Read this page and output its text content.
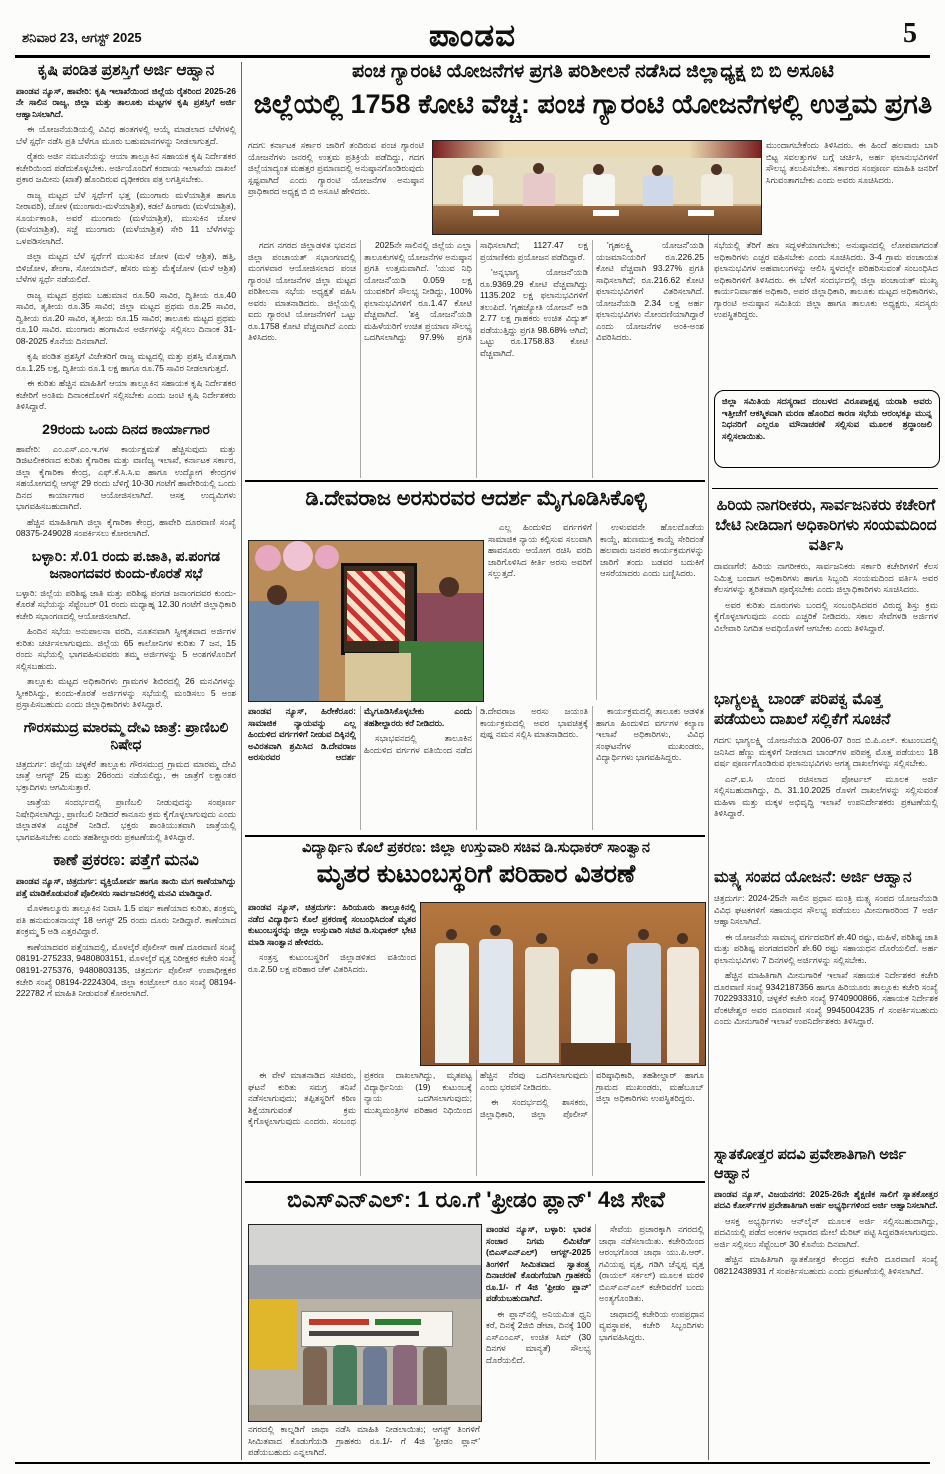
ಶನಿವಾರ 23, ಆಗಸ್ಟ್ 2025	ಪಾಂಡವ	5
ಕೃಷಿ ಪಂಡಿತ ಪ್ರಶಸ್ತಿಗೆ ಅರ್ಜಿ ಆಹ್ವಾನ

ಪಾಂಡವ ನ್ಯೂಸ್, ಹಾವೇರಿ: ಕೃಷಿ ಇಲಾಖೆಯಿಂದ ಜಿಲ್ಲೆಯ ರೈತರಿಂದ 2025-26 ನೇ ಸಾಲಿನ ರಾಜ್ಯ, ಜಿಲ್ಲಾ ಮತ್ತು ತಾಲೂಕು ಮಟ್ಟಗಳ ಕೃಷಿ ಪ್ರಶಸ್ತಿಗೆ ಅರ್ಜಿ ಆಹ್ವಾನಿಸಲಾಗಿದೆ.

ಈ ಯೋಜನೆಯಡಿಯಲ್ಲಿ ವಿವಿಧ ಹಂತಗಳಲ್ಲಿ ಆಯ್ಕೆ ಮಾಡಲಾದ ಬೆಳೆಗಳಲ್ಲಿ ಬೆಳೆ ಸ್ಪರ್ಧೆ ನಡೆಸಿ ಪ್ರತಿ ಬೆಳೆಗೂ ಮೂರು ಬಹುಮಾನಗಳನ್ನು ನೀಡಲಾಗುತ್ತದೆ.

ರೈತರು ಅರ್ಜಿ ನಮೂನೆಯನ್ನು ಆಯಾ ತಾಲ್ಲೂಕಿನ ಸಹಾಯಕ ಕೃಷಿ ನಿರ್ದೇಶಕರ ಕಚೇರಿಯಿಂದ ಪಡೆದುಕೊಳ್ಳಬೇಕು. ಅರ್ಜಿಯೊಂದಿಗೆ ಕಂದಾಯ ಇಲಾಖೆಯ ದಾಖಲೆ ಪ್ರಕಾರ ಜಮೀನು (ಖಾತೆ) ಹೊಂದಿರುವ ದೃಢೀಕರಣ ಪತ್ರ ಲಗತ್ತಿಸಬೇಕು.

ರಾಜ್ಯ ಮಟ್ಟದ ಬೆಳೆ ಸ್ಪರ್ಧೆಗೆ ಭತ್ತ (ಮುಂಗಾರು ಮಳೆಯಾಶ್ರಿತ ಹಾಗೂ ನೀರಾವರಿ), ಜೋಳ (ಮುಂಗಾರು-ಮಳೆಯಾಶ್ರಿತ), ಕಡಲೆ ಹಿಂಗಾರು (ಮಳೆಯಾಶ್ರಿತ), ಸೂರ್ಯಕಾಂತಿ, ಅವರೆ ಮುಂಗಾರು (ಮಳೆಯಾಶ್ರಿತ), ಮುಸುಕಿನ ಜೋಳ (ಮಳೆಯಾಶ್ರಿತ), ಸಜ್ಜೆ ಮುಂಗಾರು (ಮಳೆಯಾಶ್ರಿತ) ಸೇರಿ 11 ಬೆಳೆಗಳನ್ನು ಒಳಪಡಿಸಲಾಗಿದೆ.

ಜಿಲ್ಲಾ ಮಟ್ಟದ ಬೆಳೆ ಸ್ಪರ್ಧೆಗೆ ಮುಸುಕಿನ ಜೋಳ (ಮಳೆ ಆಶ್ರಿತ), ಹತ್ತಿ, ಬಿಳಿಜೋಳ, ಶೇಂಗಾ, ಸೋಯಾಬಿನ್, ಹೆಸರು ಮತ್ತು ಮೆಕ್ಕೆಜೋಳ (ಮಳೆ ಆಶ್ರಿತ) ಬೆಳೆಗಳ ಸ್ಪರ್ಧೆ ನಡೆಯಲಿದೆ.

ರಾಜ್ಯ ಮಟ್ಟದ ಪ್ರಥಮ ಬಹುಮಾನ ರೂ.50 ಸಾವಿರ, ದ್ವಿತೀಯ ರೂ.40 ಸಾವಿರ, ತೃತೀಯ ರೂ.35 ಸಾವಿರ; ಜಿಲ್ಲಾ ಮಟ್ಟದ ಪ್ರಥಮ ರೂ.25 ಸಾವಿರ, ದ್ವಿತೀಯ ರೂ.20 ಸಾವಿರ, ತೃತೀಯ ರೂ.15 ಸಾವಿರ; ತಾಲೂಕು ಮಟ್ಟದ ಪ್ರಥಮ ರೂ.10 ಸಾವಿರ. ಮುಂಗಾರು ಹಂಗಾಮಿನ ಅರ್ಜಿಗಳನ್ನು ಸಲ್ಲಿಸಲು ದಿನಾಂಕ 31-08-2025 ಕೊನೆಯ ದಿನವಾಗಿದೆ.

ಕೃಷಿ ಪಂಡಿತ ಪ್ರಶಸ್ತಿಗೆ ವಿಜೇತರಿಗೆ ರಾಜ್ಯ ಮಟ್ಟದಲ್ಲಿ ಮತ್ತು ಪ್ರಶಸ್ತಿ ಮೊತ್ತವಾಗಿ ರೂ.1.25 ಲಕ್ಷ, ದ್ವಿತೀಯ ರೂ.1 ಲಕ್ಷ ಹಾಗೂ ರೂ.75 ಸಾವಿರ ನೀಡಲಾಗುತ್ತದೆ.

ಈ ಕುರಿತು ಹೆಚ್ಚಿನ ಮಾಹಿತಿಗೆ ಆಯಾ ತಾಲ್ಲೂಕಿನ ಸಹಾಯಕ ಕೃಷಿ ನಿರ್ದೇಶಕರ ಕಚೇರಿಗೆ ಅಂತಿಮ ದಿನಾಂಕದೊಳಗೆ ಸಲ್ಲಿಸಬೇಕು ಎಂದು ಜಂಟಿ ಕೃಷಿ ನಿರ್ದೇಶಕರು ತಿಳಿಸಿದ್ದಾರೆ.

29ರಂದು ಒಂದು ದಿನದ ಕಾರ್ಯಾಗಾರ

ಹಾವೇರಿ: ಎಂ.ಎಸ್.ಎಂ.ಇ.ಗಳ ಕಾರ್ಯಕ್ಷಮತೆ ಹೆಚ್ಚಿಸುವುದು ಮತ್ತು ಡಿಜಿಟಲೀಕರಣದ ಕುರಿತು ಕೈಗಾರಿಕಾ ಮತ್ತು ವಾಣಿಜ್ಯ ಇಲಾಖೆ, ಕರ್ನಾಟಕ ಸರ್ಕಾರ, ಜಿಲ್ಲಾ ಕೈಗಾರಿಕಾ ಕೇಂದ್ರ, ಎಫ್.ಕೆ.ಸಿ.ಸಿ.ಐ ಹಾಗೂ ಉದ್ಯೋಗ ಕೇಂದ್ರಗಳ ಸಹಯೋಗದಲ್ಲಿ ಆಗಸ್ಟ್ 29 ರಂದು ಬೆಳಿಗ್ಗೆ 10-30 ಗಂಟೆಗೆ ಹಾವೇರಿಯಲ್ಲಿ ಒಂದು ದಿನದ ಕಾರ್ಯಾಗಾರ ಆಯೋಜಿಸಲಾಗಿದೆ. ಆಸಕ್ತ ಉದ್ಯಮಿಗಳು ಭಾಗವಹಿಸಬಹುದಾಗಿದೆ.

ಹೆಚ್ಚಿನ ಮಾಹಿತಿಗಾಗಿ ಜಿಲ್ಲಾ ಕೈಗಾರಿಕಾ ಕೇಂದ್ರ, ಹಾವೇರಿ ದೂರವಾಣಿ ಸಂಖ್ಯೆ 08375-249028 ಸಂಪರ್ಕಿಸಲು ಕೋರಲಾಗಿದೆ.

ಬಳ್ಳಾರಿ: ಸೆ.01 ರಂದು ಪ.ಜಾತಿ, ಪ.ಪಂಗಡ ಜನಾಂಗದವರ ಕುಂದು-ಕೊರತೆ ಸಭೆ

ಬಳ್ಳಾರಿ: ಜಿಲ್ಲೆಯ ಪರಿಶಿಷ್ಟ ಜಾತಿ ಮತ್ತು ಪರಿಶಿಷ್ಟ ಪಂಗಡ ಜನಾಂಗದವರ ಕುಂದು-ಕೊರತೆ ಸಭೆಯನ್ನು ಸೆಪ್ಟೆಂಬರ್ 01 ರಂದು ಮಧ್ಯಾಹ್ನ 12.30 ಗಂಟೆಗೆ ಜಿಲ್ಲಾಧಿಕಾರಿ ಕಚೇರಿ ಸಭಾಂಗಣದಲ್ಲಿ ಆಯೋಜಿಸಲಾಗಿದೆ.

ಹಿಂದಿನ ಸಭೆಯ ಅನುಪಾಲನಾ ವರದಿ, ನೂತನವಾಗಿ ಸ್ವೀಕೃತವಾದ ಅರ್ಜಿಗಳ ಕುರಿತು ಚರ್ಚಿಸಲಾಗುವುದು. ಜಿಲ್ಲೆಯ 65 ಕಾಲೋನಿಗಳ ಕುರಿತು 7 ಜನ, 15 ರಂದು ಸಭೆಯಲ್ಲಿ ಭಾಗವಹಿಸುವವರು ತಮ್ಮ ಅರ್ಜಿಗಳನ್ನು 5 ಅಂಶಗಳೊಂದಿಗೆ ಸಲ್ಲಿಸಬಹುದು.

ತಾಲ್ಲೂಕು ಮಟ್ಟದ ಅಧಿಕಾರಿಗಳು ಗ್ರಾಮಗಳ ಶಿಬಿರದಲ್ಲಿ 26 ಮನವಿಗಳನ್ನು ಸ್ವೀಕರಿಸಿದ್ದು, ಕುಂದು-ಕೊರತೆ ಅರ್ಜಿಗಳನ್ನು ಸಭೆಯಲ್ಲಿ ಮಂಡಿಸಲು 5 ಅಂಶ ಪ್ರಸ್ತಾಪಿಸಬಹುದು ಎಂದು ಜಿಲ್ಲಾಧಿಕಾರಿಗಳು ತಿಳಿಸಿದ್ದಾರೆ.

ಗೌರಸಮುದ್ರ ಮಾರಮ್ಮ ದೇವಿ ಜಾತ್ರೆ: ಪ್ರಾಣಿಬಲಿ ನಿಷೇಧ

ಚಿತ್ರದುರ್ಗ: ಜಿಲ್ಲೆಯ ಚಳ್ಳಕೆರೆ ತಾಲ್ಲೂಕು ಗೌರಸಮುದ್ರ ಗ್ರಾಮದ ಮಾರಮ್ಮ ದೇವಿ ಜಾತ್ರೆ ಆಗಸ್ಟ್ 25 ಮತ್ತು 26ರಂದು ನಡೆಯಲಿದ್ದು, ಈ ಜಾತ್ರೆಗೆ ಲಕ್ಷಾಂತರ ಭಕ್ತಾದಿಗಳು ಆಗಮಿಸುತ್ತಾರೆ.

ಜಾತ್ರೆಯ ಸಂದರ್ಭದಲ್ಲಿ ಪ್ರಾಣಿಬಲಿ ನೀಡುವುದನ್ನು ಸಂಪೂರ್ಣ ನಿಷೇಧಿಸಲಾಗಿದ್ದು, ಪ್ರಾಣಿಬಲಿ ನೀಡಿದರೆ ಕಾನೂನು ಕ್ರಮ ಕೈಗೊಳ್ಳಲಾಗುವುದು ಎಂದು ಜಿಲ್ಲಾಡಳಿತ ಎಚ್ಚರಿಕೆ ನೀಡಿದೆ. ಭಕ್ತರು ಶಾಂತಿಯುತವಾಗಿ ಜಾತ್ರೆಯಲ್ಲಿ ಭಾಗವಹಿಸಬೇಕು ಎಂದು ತಹಶೀಲ್ದಾರರು ಪ್ರಕಟಣೆಯಲ್ಲಿ ತಿಳಿಸಿದ್ದಾರೆ.

ಕಾಣೆ ಪ್ರಕರಣ: ಪತ್ತೆಗೆ ಮನವಿ

ಪಾಂಡವ ನ್ಯೂಸ್, ಚಿತ್ರದುರ್ಗ: ವ್ಯಕ್ತಿಯೋರ್ವ ಹಾಗೂ ತಾಯಿ ಮಗ ಕಾಣೆಯಾಗಿದ್ದು ಪತ್ತೆ ಮಾಡಿಕೊಡುವಂತೆ ಪೊಲೀಸರು ಸಾರ್ವಜನಿಕರಲ್ಲಿ ಮನವಿ ಮಾಡಿದ್ದಾರೆ.

ಮೊಳಕಾಲ್ಮೂರು ತಾಲ್ಲೂಕಿನ ನಿವಾಸಿ 1.5 ವರ್ಷ ಕಾಣೆಯಾದ ಕುರಿತು, ಶಂಕ್ರಮ್ಮ ಪತಿ ಹನುಮಂತನಾಯ್ಕ್ 18 ಆಗಸ್ಟ್ 25 ರಂದು ದೂರು ನೀಡಿದ್ದಾರೆ. ಕಾಣೆಯಾದ ಶಂಕ್ರಮ್ಮ 5 ಅಡಿ ಎತ್ತರವಿದ್ದಾರೆ.

ಕಾಣೆಯಾದವರ ಪತ್ತೆಯಾದಲ್ಲಿ, ಮೊಳಲ್ಕೆರೆ ಪೊಲೀಸ್ ಠಾಣೆ ದೂರವಾಣಿ ಸಂಖ್ಯೆ 08191-275233, 9480803151, ಮೊಳಲ್ಕೆರೆ ವೃತ್ತ ನಿರೀಕ್ಷಕರ ಕಚೇರಿ ಸಂಖ್ಯೆ 08191-275376, 9480803135, ಚಿತ್ರದುರ್ಗ ಪೊಲೀಸ್ ಉಪಾಧೀಕ್ಷಕರ ಕಚೇರಿ ಸಂಖ್ಯೆ 08194-2224304, ಜಿಲ್ಲಾ ಕಂಟ್ರೋಲ್ ರೂಂ ಸಂಖ್ಯೆ 08194-222782 ಗೆ ಮಾಹಿತಿ ನೀಡುವಂತೆ ಕೋರಲಾಗಿದೆ.

ಪಂಚ ಗ್ಯಾರಂಟಿ ಯೋಜನೆಗಳ ಪ್ರಗತಿ ಪರಿಶೀಲನೆ ನಡೆಸಿದ ಜಿಲ್ಲಾಧ್ಯಕ್ಷ ಬಿ ಬಿ ಅಸೂಟಿ
ಜಿಲ್ಲೆಯಲ್ಲಿ 1758 ಕೋಟಿ ವೆಚ್ಚ: ಪಂಚ ಗ್ಯಾರಂಟಿ ಯೋಜನೆಗಳಲ್ಲಿ ಉತ್ತಮ ಪ್ರಗತಿ

ಗದಗ: ಕರ್ನಾಟಕ ಸರ್ಕಾರ ಜಾರಿಗೆ ತಂದಿರುವ ಪಂಚ ಗ್ಯಾರಂಟಿ ಯೋಜನೆಗಳು ಜನರಲ್ಲಿ ಉತ್ತಮ ಪ್ರತಿಕ್ರಿಯೆ ಪಡೆದಿದ್ದು, ಗದಗ ಜಿಲ್ಲೆಯಾದ್ಯಂತ ಮಹತ್ತರ ಪ್ರಮಾಣದಲ್ಲಿ ಅನುಷ್ಠಾನಗೊಂಡಿರುವುದು ಸ್ಪಷ್ಟವಾಗಿದೆ ಎಂದು ಗ್ಯಾರಂಟಿ ಯೋಜನೆಗಳ ಅನುಷ್ಠಾನ ಪ್ರಾಧಿಕಾರದ ಅಧ್ಯಕ್ಷ ಬಿ ಬಿ ಅಸೂಟಿ ಹೇಳಿದರು.

ಮುಂದಾಗಬೇಕೆಂದು ತಿಳಿಸಿದರು. ಈ ಹಿಂದೆ ಹಲವಾರು ಬಾರಿ ಬಿಟ್ಟ ಸವಲತ್ತುಗಳ ಬಗ್ಗೆ ಚರ್ಚಿಸಿ, ಅರ್ಹ ಫಲಾನುಭವಿಗಳಿಗೆ ಸೌಲಭ್ಯ ತಲುಪಿಸಬೇಕು. ಸರ್ಕಾರದ ಸಂಪೂರ್ಣ ಮಾಹಿತಿ ಜನರಿಗೆ ಸಿಗುವಂತಾಗಬೇಕು ಎಂದು ಅವರು ಸೂಚಿಸಿದರು.

ಗದಗ ನಗರದ ಜಿಲ್ಲಾಡಳಿತ ಭವನದ ಜಿಲ್ಲಾ ಪಂಚಾಯತ್ ಸಭಾಂಗಣದಲ್ಲಿ ಮಂಗಳವಾರ ಆಯೋಜಿಸಲಾದ ಪಂಚ ಗ್ಯಾರಂಟಿ ಯೋಜನೆಗಳ ಜಿಲ್ಲಾ ಮಟ್ಟದ ಪರಿಶೀಲನಾ ಸಭೆಯ ಅಧ್ಯಕ್ಷತೆ ವಹಿಸಿ ಅವರು ಮಾತನಾಡಿದರು. ಜಿಲ್ಲೆಯಲ್ಲಿ ಐದು ಗ್ಯಾರಂಟಿ ಯೋಜನೆಗಳಿಗೆ ಒಟ್ಟು ರೂ.1758 ಕೋಟಿ ವೆಚ್ಚವಾಗಿದೆ ಎಂದು ತಿಳಿಸಿದರು.

2025ನೇ ಸಾಲಿನಲ್ಲಿ ಜಿಲ್ಲೆಯ ಎಲ್ಲಾ ತಾಲೂಕುಗಳಲ್ಲಿ ಯೋಜನೆಗಳ ಅನುಷ್ಠಾನ ಪ್ರಗತಿ ಉತ್ತಮವಾಗಿದೆ. 'ಯುವ ನಿಧಿ ಯೋಜನೆ'ಯಡಿ 0.059 ಲಕ್ಷ ಯುವಕರಿಗೆ ಸೌಲಭ್ಯ ನೀಡಿದ್ದು, 100% ಫಲಾನುಭವಿಗಳಿಗೆ ರೂ.1.47 ಕೋಟಿ ವೆಚ್ಚವಾಗಿದೆ. 'ಶಕ್ತಿ ಯೋಜನೆ'ಯಡಿ ಮಹಿಳೆಯರಿಗೆ ಉಚಿತ ಪ್ರಯಾಣ ಸೌಲಭ್ಯ ಒದಗಿಸಲಾಗಿದ್ದು 97.9% ಪ್ರಗತಿ ಸಾಧಿಸಲಾಗಿದೆ; 1127.47 ಲಕ್ಷ ಪ್ರಯಾಣಿಕರು ಪ್ರಯೋಜನ ಪಡೆದಿದ್ದಾರೆ.

'ಅನ್ನಭಾಗ್ಯ ಯೋಜನೆ'ಯಡಿ ರೂ.9369.29 ಕೋಟಿ ವೆಚ್ಚವಾಗಿದ್ದು 1135.202 ಲಕ್ಷ ಫಲಾನುಭವಿಗಳಿಗೆ ತಲುಪಿದೆ. 'ಗೃಹಜ್ಯೋತಿ ಯೋಜನೆ' ಅಡಿ 2.77 ಲಕ್ಷ ಗ್ರಾಹಕರು ಉಚಿತ ವಿದ್ಯುತ್ ಪಡೆಯುತ್ತಿದ್ದು ಪ್ರಗತಿ 98.68% ಆಗಿದೆ; ಒಟ್ಟು ರೂ.1758.83 ಕೋಟಿ ವೆಚ್ಚವಾಗಿದೆ.

'ಗೃಹಲಕ್ಷ್ಮಿ ಯೋಜನೆ'ಯಡಿ ಯಜಮಾನಿಯರಿಗೆ ರೂ.226.25 ಕೋಟಿ ವೆಚ್ಚವಾಗಿ 93.27% ಪ್ರಗತಿ ಸಾಧಿಸಲಾಗಿದೆ; ರೂ.216.62 ಕೋಟಿ ಫಲಾನುಭವಿಗಳಿಗೆ ವಿತರಿಸಲಾಗಿದೆ. ಯೋಜನೆಯಡಿ 2.34 ಲಕ್ಷ ಅರ್ಹ ಫಲಾನುಭವಿಗಳು ನೋಂದಣಿಯಾಗಿದ್ದಾರೆ ಎಂದು ಯೋಜನೆಗಳ ಅಂಕಿ-ಅಂಶ ವಿವರಿಸಿದರು.

ಸಭೆಯಲ್ಲಿ ತೆರಿಗೆ ಹಣ ಸದ್ಬಳಕೆಯಾಗಬೇಕು; ಅನುಷ್ಠಾನದಲ್ಲಿ ಲೋಪವಾಗದಂತೆ ಅಧಿಕಾರಿಗಳು ಎಚ್ಚರ ವಹಿಸಬೇಕು ಎಂದು ಸೂಚಿಸಿದರು. 3-4 ಗ್ರಾಮ ಪಂಚಾಯತ ಫಲಾನುಭವಿಗಳ ಅಹವಾಲುಗಳನ್ನು ಆಲಿಸಿ ಸ್ಥಳದಲ್ಲೇ ಪರಿಹರಿಸುವಂತೆ ಸಂಬಂಧಿಸಿದ ಅಧಿಕಾರಿಗಳಿಗೆ ತಿಳಿಸಿದರು. ಈ ಬೆಳಿಗೆ ಸಂದರ್ಭದಲ್ಲಿ ಜಿಲ್ಲಾ ಪಂಚಾಯತ್ ಮುಖ್ಯ ಕಾರ್ಯನಿರ್ವಾಹಕ ಅಧಿಕಾರಿ, ಅಪರ ಜಿಲ್ಲಾಧಿಕಾರಿ, ತಾಲೂಕು ಮಟ್ಟದ ಅಧಿಕಾರಿಗಳು, ಗ್ಯಾರಂಟಿ ಅನುಷ್ಠಾನ ಸಮಿತಿಯ ಜಿಲ್ಲಾ ಹಾಗೂ ತಾಲೂಕು ಅಧ್ಯಕ್ಷರು, ಸದಸ್ಯರು ಉಪಸ್ಥಿತರಿದ್ದರು.

ಜಿಲ್ಲಾ ಸಮಿತಿಯ ಸದಸ್ಯರಾದ ದಂಬಳದ ವಿರೂಪಾಕ್ಷಪ್ಪ ಯರಾಶಿ ಅವರು ಇತ್ತೀಚೆಗೆ ಆಕಸ್ಮಿಕವಾಗಿ ಮರಣ ಹೊಂದಿದ ಕಾರಣ ಸಭೆಯ ಆರಂಭಕ್ಕೂ ಮುನ್ನ ನಿಧನರಿಗೆ ಎಲ್ಲರೂ ಮೌನಾಚರಣೆ ಸಲ್ಲಿಸುವ ಮೂಲಕ ಶ್ರದ್ಧಾಂಜಲಿ ಸಲ್ಲಿಸಲಾಯಿತು.
ಡಿ.ದೇವರಾಜ ಅರಸುರವರ ಆದರ್ಶ ಮೈಗೂಡಿಸಿಕೊಳ್ಳಿ

ಎಲ್ಲ ಹಿಂದುಳಿದ ವರ್ಗಗಳಿಗೆ ಸಾಮಾಜಿಕ ನ್ಯಾಯ ಕಲ್ಪಿಸುವ ಸಲುವಾಗಿ ಹಾವನೂರು ಆಯೋಗ ರಚಿಸಿ ವರದಿ ಜಾರಿಗೊಳಿಸಿದ ಕೀರ್ತಿ ಅರಸು ಅವರಿಗೆ ಸಲ್ಲುತ್ತದೆ.

ಉಳುವವನೇ ಹೊಲದೊಡೆಯ ಕಾಯ್ದೆ, ಋಣಮುಕ್ತ ಕಾಯ್ದೆ ಸೇರಿದಂತೆ ಹಲವಾರು ಜನಪರ ಕಾರ್ಯಕ್ರಮಗಳನ್ನು ಜಾರಿಗೆ ತಂದು ಬಡವರ ಬದುಕಿಗೆ ಆಸರೆಯಾದರು ಎಂದು ಬಣ್ಣಿಸಿದರು.

ಪಾಂಡವ ನ್ಯೂಸ್, ಹಿರೇಕೆರೂರ: ಸಾಮಾಜಿಕ ನ್ಯಾಯವನ್ನು ಎಲ್ಲ ಹಿಂದುಳಿದ ವರ್ಗಗಳಿಗೆ ನೀಡುವ ದಿಕ್ಕಿನಲ್ಲಿ ಅವಿರತವಾಗಿ ಶ್ರಮಿಸಿದ ಡಿ.ದೇವರಾಜ ಅರಸುರವರ ಆದರ್ಶ ಮೈಗೂಡಿಸಿಕೊಳ್ಳಬೇಕು ಎಂದು ತಹಶೀಲ್ದಾರರು ಕರೆ ನೀಡಿದರು.

ಸಭಾಭವನದಲ್ಲಿ ತಾಲೂಕಿನ ಹಿಂದುಳಿದ ವರ್ಗಗಳ ವತಿಯಿಂದ ನಡೆದ ಡಿ.ದೇವರಾಜ ಅರಸು ಜಯಂತಿ ಕಾರ್ಯಕ್ರಮದಲ್ಲಿ ಅವರ ಭಾವಚಿತ್ರಕ್ಕೆ ಪುಷ್ಪ ನಮನ ಸಲ್ಲಿಸಿ ಮಾತನಾಡಿದರು.

ಕಾರ್ಯಕ್ರಮದಲ್ಲಿ ತಾಲೂಕು ಆಡಳಿತ ಹಾಗೂ ಹಿಂದುಳಿದ ವರ್ಗಗಳ ಕಲ್ಯಾಣ ಇಲಾಖೆ ಅಧಿಕಾರಿಗಳು, ವಿವಿಧ ಸಂಘಟನೆಗಳ ಮುಖಂಡರು, ವಿದ್ಯಾರ್ಥಿಗಳು ಭಾಗವಹಿಸಿದ್ದರು.

ವಿದ್ಯಾರ್ಥಿನಿ ಕೊಲೆ ಪ್ರಕರಣ: ಜಿಲ್ಲಾ ಉಸ್ತುವಾರಿ ಸಚಿವ ಡಿ.ಸುಧಾಕರ್ ಸಾಂತ್ವಾನ
ಮೃತರ ಕುಟುಂಬಸ್ಥರಿಗೆ ಪರಿಹಾರ ವಿತರಣೆ

ಪಾಂಡವ ನ್ಯೂಸ್, ಚಿತ್ರದುರ್ಗ: ಹಿರಿಯೂರು ತಾಲ್ಲೂಕಿನಲ್ಲಿ ನಡೆದ ವಿದ್ಯಾರ್ಥಿನಿ ಕೊಲೆ ಪ್ರಕರಣಕ್ಕೆ ಸಂಬಂಧಿಸಿದಂತೆ ಮೃತರ ಕುಟುಂಬಸ್ಥರನ್ನು ಜಿಲ್ಲಾ ಉಸ್ತುವಾರಿ ಸಚಿವ ಡಿ.ಸುಧಾಕರ್ ಭೇಟಿ ಮಾಡಿ ಸಾಂತ್ವಾನ ಹೇಳಿದರು.

ಸಂತ್ರಸ್ತ ಕುಟುಂಬಸ್ಥರಿಗೆ ಜಿಲ್ಲಾಡಳಿತದ ವತಿಯಿಂದ ರೂ.2.50 ಲಕ್ಷ ಪರಿಹಾರ ಚೆಕ್ ವಿತರಿಸಿದರು.

ಈ ವೇಳೆ ಮಾತನಾಡಿದ ಸಚಿವರು, ಘಟನೆ ಕುರಿತು ಸಮಗ್ರ ತನಿಖೆ ನಡೆಸಲಾಗುವುದು; ತಪ್ಪಿತಸ್ಥರಿಗೆ ಕಠಿಣ ಶಿಕ್ಷೆಯಾಗುವಂತೆ ಕ್ರಮ ಕೈಗೊಳ್ಳಲಾಗುವುದು ಎಂದರು. ಸಂಬಂಧ ಪ್ರಕರಣ ದಾಖಲಾಗಿದ್ದು, ಮೃತಪಟ್ಟ ವಿದ್ಯಾರ್ಥಿನಿಯ (19) ಕುಟುಂಬಕ್ಕೆ ನ್ಯಾಯ ಒದಗಿಸಲಾಗುವುದು; ಮುಖ್ಯಮಂತ್ರಿಗಳ ಪರಿಹಾರ ನಿಧಿಯಿಂದ ಹೆಚ್ಚಿನ ನೆರವು ಒದಗಿಸಲಾಗುವುದು ಎಂದು ಭರವಸೆ ನೀಡಿದರು.

ಈ ಸಂದರ್ಭದಲ್ಲಿ ಶಾಸಕರು, ಜಿಲ್ಲಾಧಿಕಾರಿ, ಜಿಲ್ಲಾ ಪೊಲೀಸ್ ವರಿಷ್ಠಾಧಿಕಾರಿ, ತಹಶೀಲ್ದಾರ್ ಹಾಗೂ ಗ್ರಾಮದ ಮುಖಂಡರು, ಮಹೆಬೂಬ್ ಜಿಲ್ಲಾ ಅಧಿಕಾರಿಗಳು ಉಪಸ್ಥಿತರಿದ್ದರು.

ಬಿಎಸ್‌ಎನ್‌ಎಲ್: 1 ರೂ.ಗೆ 'ಫ್ರೀಡಂ ಪ್ಲಾನ್' 4ಜಿ ಸೇವೆ

ಪಾಂಡವ ನ್ಯೂಸ್, ಬಳ್ಳಾರಿ: ಭಾರತ ಸಂಚಾರ ನಿಗಮ ಲಿಮಿಟೆಡ್ (ಬಿಎಸ್‌ಎನ್‌ಎಲ್) ಆಗಸ್ಟ್-2025 ತಿಂಗಳಿಗೆ ಸೀಮಿತವಾದ ಸ್ವಾತಂತ್ರ್ಯ ದಿನಾಚರಣೆ ಕೊಡುಗೆಯಾಗಿ ಗ್ರಾಹಕರು ರೂ.1/- ಗೆ 4ಜಿ 'ಫ್ರೀಡಂ ಪ್ಲಾನ್' ಪಡೆಯಬಹುದಾಗಿದೆ.

ಈ ಪ್ಲಾನ್‌ನಲ್ಲಿ ಅನಿಯಮಿತ ಧ್ವನಿ ಕರೆ, ದಿನಕ್ಕೆ 2ಜಿಬಿ ಡೇಟಾ, ದಿನಕ್ಕೆ 100 ಎಸ್‌ಎಂಎಸ್, ಉಚಿತ ಸಿಮ್ (30 ದಿನಗಳ ಮಾನ್ಯತೆ) ಸೌಲಭ್ಯ ದೊರೆಯಲಿದೆ.

ಸೇವೆಯ ಪ್ರಚಾರಕ್ಕಾಗಿ ನಗರದಲ್ಲಿ ಜಾಥಾ ನಡೆಸಲಾಯಿತು. ಕಚೇರಿಯಿಂದ ಆರಂಭಗೊಂಡ ಜಾಥಾ ಯು.ಪಿ.ಆರ್. ಗವಿಯಪ್ಪ ವೃತ್ತ, ಗಡಿಗಿ ಚೆನ್ನಪ್ಪ ವೃತ್ತ (ರಾಯಲ್ ಸರ್ಕಲ್) ಮೂಲಕ ಮರಳಿ ಬಿಎಸ್‌ಎನ್‌ಎಲ್ ಕಚೇರಿವರೆಗೆ ಬಂದು ಅಂತ್ಯಗೊಂಡಿತು.

ಜಾಥಾದಲ್ಲಿ ಕಚೇರಿಯ ಉಪಪ್ರಧಾನ ವ್ಯವಸ್ಥಾಪಕ, ಕಚೇರಿ ಸಿಬ್ಬಂದಿಗಳು ಭಾಗವಹಿಸಿದ್ದರು.

ನಗರದಲ್ಲಿ ಕಾಲ್ನಡಿಗೆ ಜಾಥಾ ನಡೆಸಿ ಮಾಹಿತಿ ನೀಡಲಾಯಿತು; ಆಗಸ್ಟ್ ತಿಂಗಳಿಗೆ ಸೀಮಿತವಾದ ಕೊಡುಗೆಯಡಿ ಗ್ರಾಹಕರು ರೂ.1/- ಗೆ 4ಜಿ 'ಫ್ರೀಡಂ ಪ್ಲಾನ್' ಪಡೆಯಬಹುದು ಎನ್ನಲಾಗಿದೆ.

ಹಿರಿಯ ನಾಗರೀಕರು, ಸಾರ್ವಜನಿಕರು ಕಚೇರಿಗೆ ಬೇಟಿ ನೀಡಿದಾಗ ಅಧಿಕಾರಿಗಳು ಸಂಯಮದಿಂದ ವರ್ತಿಸಿ

ದಾವಣಗೆರೆ: ಹಿರಿಯ ನಾಗರೀಕರು, ಸಾರ್ವಜನಿಕರು ಸರ್ಕಾರಿ ಕಚೇರಿಗಳಿಗೆ ಕೆಲಸ ನಿಮಿತ್ತ ಬಂದಾಗ ಅಧಿಕಾರಿಗಳು ಹಾಗೂ ಸಿಬ್ಬಂದಿ ಸಂಯಮದಿಂದ ವರ್ತಿಸಿ ಅವರ ಕೆಲಸಗಳನ್ನು ತ್ವರಿತವಾಗಿ ಪೂರೈಸಬೇಕು ಎಂದು ಜಿಲ್ಲಾಧಿಕಾರಿಗಳು ಸೂಚಿಸಿದರು.

ಅವರ ಕುರಿತು ದೂರುಗಳು ಬಂದಲ್ಲಿ ಸಂಬಂಧಿಸಿದವರ ವಿರುದ್ಧ ಶಿಸ್ತು ಕ್ರಮ ಕೈಗೊಳ್ಳಲಾಗುವುದು ಎಂದು ಎಚ್ಚರಿಕೆ ನೀಡಿದರು. ಸಕಾಲ ಸೇವೆಗಳಡಿ ಅರ್ಜಿಗಳ ವಿಲೇವಾರಿ ನಿಗದಿತ ಅವಧಿಯೊಳಗೆ ಆಗಬೇಕು ಎಂದು ತಿಳಿಸಿದ್ದಾರೆ.

ಭಾಗ್ಯಲಕ್ಷ್ಮಿ ಬಾಂಡ್ ಪರಿಪಕ್ವ ಮೊತ್ತ ಪಡೆಯಲು ದಾಖಲೆ ಸಲ್ಲಿಕೆಗೆ ಸೂಚನೆ

ಗದಗ: ಭಾಗ್ಯಲಕ್ಷ್ಮಿ ಯೋಜನೆಯಡಿ 2006-07 ರಿಂದ ಬಿ.ಪಿ.ಎಲ್. ಕುಟುಂಬದಲ್ಲಿ ಜನಿಸಿದ ಹೆಣ್ಣು ಮಕ್ಕಳಿಗೆ ನೀಡಲಾದ ಬಾಂಡ್‌ಗಳ ಪರಿಪಕ್ವ ಮೊತ್ತ ಪಡೆಯಲು 18 ವರ್ಷ ಪೂರ್ಣಗೊಂಡಿರುವ ಫಲಾನುಭವಿಗಳು ಅಗತ್ಯ ದಾಖಲೆಗಳನ್ನು ಸಲ್ಲಿಸಬೇಕು.

ಎನ್.ಐ.ಸಿ ಯಿಂದ ರಚಿಸಲಾದ ಪೋರ್ಟಲ್ ಮೂಲಕ ಅರ್ಜಿ ಸಲ್ಲಿಸಬಹುದಾಗಿದ್ದು, ದಿ. 31.10.2025 ರೊಳಗೆ ದಾಖಲೆಗಳನ್ನು ಸಲ್ಲಿಸುವಂತೆ ಮಹಿಳಾ ಮತ್ತು ಮಕ್ಕಳ ಅಭಿವೃದ್ಧಿ ಇಲಾಖೆ ಉಪನಿರ್ದೇಶಕರು ಪ್ರಕಟಣೆಯಲ್ಲಿ ತಿಳಿಸಿದ್ದಾರೆ.

ಮತ್ಸ್ಯ ಸಂಪದ ಯೋಜನೆ: ಅರ್ಜಿ ಆಹ್ವಾನ

ಚಿತ್ರದುರ್ಗ: 2024-25ನೇ ಸಾಲಿನ ಪ್ರಧಾನ ಮಂತ್ರಿ ಮತ್ಸ್ಯ ಸಂಪದ ಯೋಜನೆಯಡಿ ವಿವಿಧ ಘಟಕಗಳಿಗೆ ಸಹಾಯಧನ ಸೌಲಭ್ಯ ಪಡೆಯಲು ಮೀನುಗಾರರಿಂದ 7 ಅರ್ಜಿ ಆಹ್ವಾನಿಸಲಾಗಿದೆ.

ಈ ಯೋಜನೆಯ ಸಾಮಾನ್ಯ ವರ್ಗದವರಿಗೆ ಶೇ.40 ರಷ್ಟು, ಮಹಿಳೆ, ಪರಿಶಿಷ್ಟ ಜಾತಿ ಮತ್ತು ಪರಿಶಿಷ್ಟ ಪಂಗಡದವರಿಗೆ ಶೇ.60 ರಷ್ಟು ಸಹಾಯಧನ ದೊರೆಯಲಿದೆ. ಅರ್ಹ ಫಲಾನುಭವಿಗಳು 7 ದಿನಗಳಲ್ಲಿ ಅರ್ಜಿಗಳನ್ನು ಸಲ್ಲಿಸಬೇಕು.

ಹೆಚ್ಚಿನ ಮಾಹಿತಿಗಾಗಿ ಮೀನುಗಾರಿಕೆ ಇಲಾಖೆ ಸಹಾಯಕ ನಿರ್ದೇಶಕರ ಕಚೇರಿ ದೂರವಾಣಿ ಸಂಖ್ಯೆ 9342187356 ಹಾಗೂ ಹಿರಿಯೂರು ತಾಲ್ಲೂಕು ಕಚೇರಿ ಸಂಖ್ಯೆ 7022933310, ಚಳ್ಳಕೆರೆ ಕಚೇರಿ ಸಂಖ್ಯೆ 9740900866, ಸಹಾಯಕ ನಿರ್ದೇಶಕ ವೆಂಕಟೇಶ್ವರ ಅವರ ದೂರವಾಣಿ ಸಂಖ್ಯೆ 9945004235 ಗೆ ಸಂಪರ್ಕಿಸಬಹುದು ಎಂದು ಮೀನುಗಾರಿಕೆ ಇಲಾಖೆ ಉಪನಿರ್ದೇಶಕರು ತಿಳಿಸಿದ್ದಾರೆ.

ಸ್ನಾತಕೋತ್ತರ ಪದವಿ ಪ್ರವೇಶಾತಿಗಾಗಿ ಅರ್ಜಿ ಆಹ್ವಾನ

ಪಾಂಡವ ನ್ಯೂಸ್, ವಿಜಯನಗರ: 2025-26ನೇ ಶೈಕ್ಷಣಿಕ ಸಾಲಿಗೆ ಸ್ನಾತಕೋತ್ತರ ಪದವಿ ಕೋರ್ಸ್‌ಗಳ ಪ್ರವೇಶಾತಿಗಾಗಿ ಅರ್ಹ ಅಭ್ಯರ್ಥಿಗಳಿಂದ ಅರ್ಜಿ ಆಹ್ವಾನಿಸಲಾಗಿದೆ.

ಆಸಕ್ತ ಅಭ್ಯರ್ಥಿಗಳು ಆನ್‌ಲೈನ್ ಮೂಲಕ ಅರ್ಜಿ ಸಲ್ಲಿಸಬಹುದಾಗಿದ್ದು, ಪದವಿಯಲ್ಲಿ ಪಡೆದ ಅಂಕಗಳ ಆಧಾರದ ಮೇಲೆ ಮೆರಿಟ್ ಪಟ್ಟಿ ಸಿದ್ಧಪಡಿಸಲಾಗುವುದು. ಅರ್ಜಿ ಸಲ್ಲಿಸಲು ಸೆಪ್ಟೆಂಬರ್ 30 ಕೊನೆಯ ದಿನವಾಗಿದೆ.

ಹೆಚ್ಚಿನ ಮಾಹಿತಿಗಾಗಿ ಸ್ನಾತಕೋತ್ತರ ಕೇಂದ್ರದ ಕಚೇರಿ ದೂರವಾಣಿ ಸಂಖ್ಯೆ 08212438931 ಗೆ ಸಂಪರ್ಕಿಸಬಹುದು ಎಂದು ಪ್ರಕಟಣೆಯಲ್ಲಿ ತಿಳಿಸಲಾಗಿದೆ.
